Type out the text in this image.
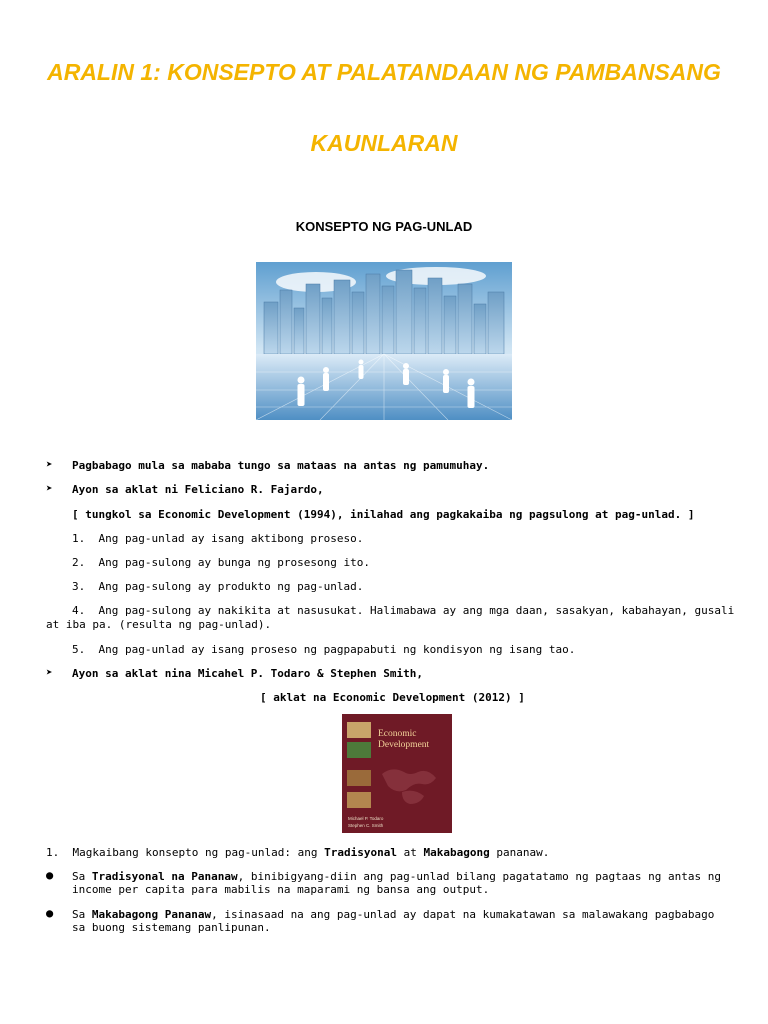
ARALIN 1: KONSEPTO AT PALATANDAAN NG PAMBANSANG
KAUNLARAN
KONSEPTO NG PAG-UNLAD
➤ Pagbabago mula sa mababa tungo sa mataas na antas ng pamumuhay.
➤ Ayon sa aklat ni Feliciano R. Fajardo,
[ tungkol sa Economic Development (1994), inilahad ang pagkakaiba ng pagsulong at pag-unlad. ]
1. Ang pag-unlad ay isang aktibong proseso.
2. Ang pag-sulong ay bunga ng prosesong ito.
3. Ang pag-sulong ay produkto ng pag-unlad.
4. Ang pag-sulong ay nakikita at nasusukat. Halimabawa ay ang mga daan, sasakyan, kabahayan, gusali
at iba pa. (resulta ng pag-unlad).
5. Ang pag-unlad ay isang proseso ng pagpapabuti ng kondisyon ng isang tao.
➤ Ayon sa aklat nina Micahel P. Todaro & Stephen Smith,
[ aklat na Economic Development (2012) ]
Economic
Development
Michael P. Todaro
Stephen C. Smith
1. Magkaibang konsepto ng pag-unlad: ang Tradisyonal at Makabagong pananaw.
● Sa Tradisyonal na Pananaw, binibigyang-diin ang pag-unlad bilang pagatatamo ng pagtaas ng antas ng
income per capita para mabilis na maparami ng bansa ang output.
● Sa Makabagong Pananaw, isinasaad na ang pag-unlad ay dapat na kumakatawan sa malawakang pagbabago
sa buong sistemang panlipunan.
